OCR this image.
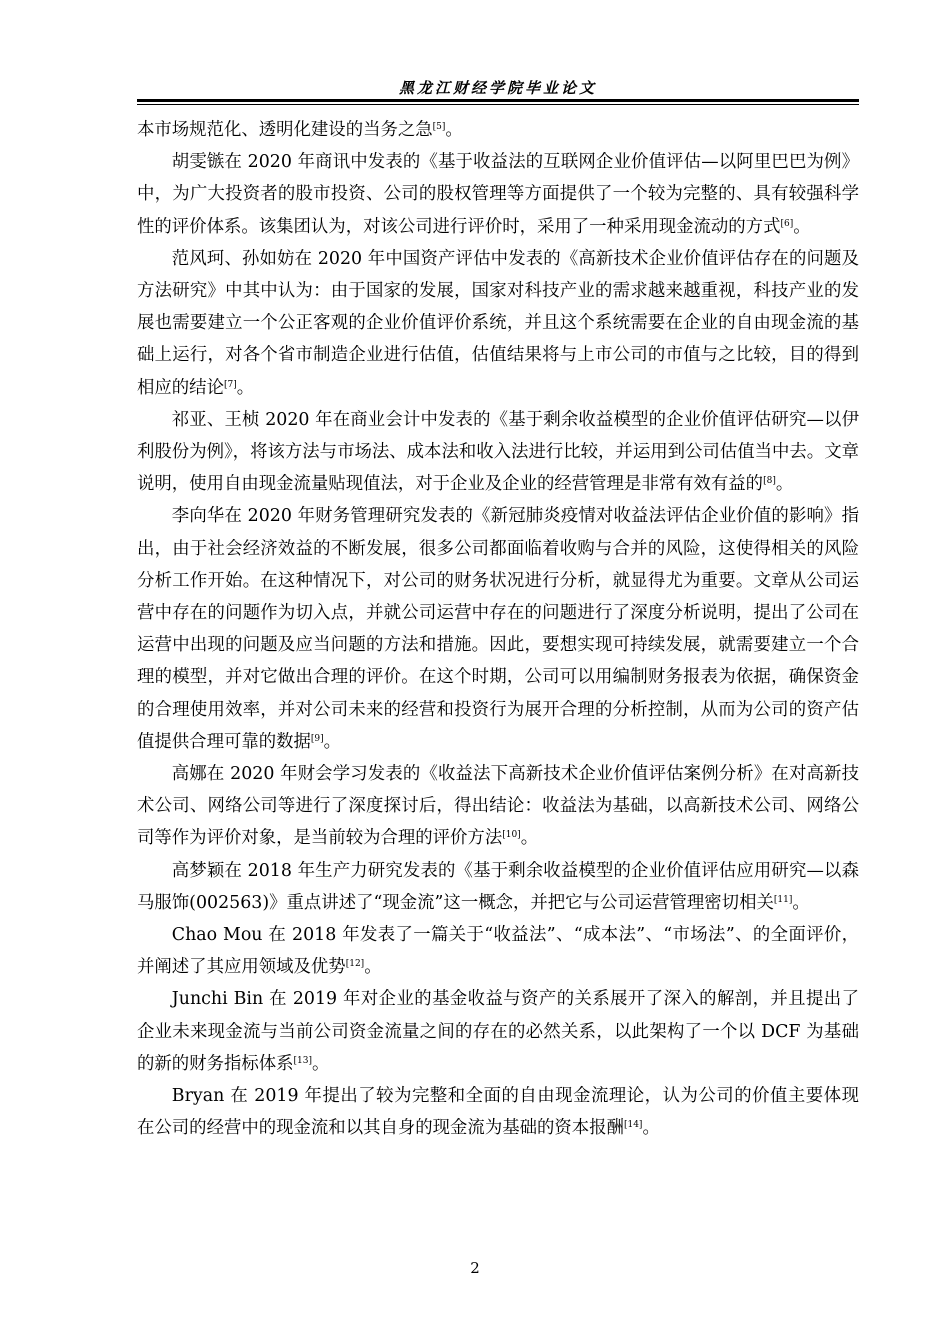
黑龙江财经学院毕业论文

本市场规范化、透明化建设的当务之急[5]。

胡雯镞在 2020 年商讯中发表的《基于收益法的互联网企业价值评估—以阿里巴巴为例》中，为广大投资者的股市投资、公司的股权管理等方面提供了一个较为完整的、具有较强科学性的评价体系。该集团认为，对该公司进行评价时，采用了一种采用现金流动的方式[6]。

范风珂、孙如妨在 2020 年中国资产评估中发表的《高新技术企业价值评估存在的问题及方法研究》中其中认为：由于国家的发展，国家对科技产业的需求越来越重视，科技产业的发展也需要建立一个公正客观的企业价值评价系统，并且这个系统需要在企业的自由现金流的基础上运行，对各个省市制造企业进行估值，估值结果将与上市公司的市值与之比较，目的得到相应的结论[7]。

祁亚、王桢 2020 年在商业会计中发表的《基于剩余收益模型的企业价值评估研究—以伊利股份为例》，将该方法与市场法、成本法和收入法进行比较，并运用到公司估值当中去。文章说明，使用自由现金流量贴现值法，对于企业及企业的经营管理是非常有效有益的[8]。

李向华在 2020 年财务管理研究发表的《新冠肺炎疫情对收益法评估企业价值的影响》指出，由于社会经济效益的不断发展，很多公司都面临着收购与合并的风险，这使得相关的风险分析工作开始。在这种情况下，对公司的财务状况进行分析，就显得尤为重要。文章从公司运营中存在的问题作为切入点，并就公司运营中存在的问题进行了深度分析说明，提出了公司在运营中出现的问题及应当问题的方法和措施。因此，要想实现可持续发展，就需要建立一个合理的模型，并对它做出合理的评价。在这个时期，公司可以用编制财务报表为依据，确保资金的合理使用效率，并对公司未来的经营和投资行为展开合理的分析控制，从而为公司的资产估值提供合理可靠的数据[9]。

高娜在 2020 年财会学习发表的《收益法下高新技术企业价值评估案例分析》在对高新技术公司、网络公司等进行了深度探讨后，得出结论：收益法为基础，以高新技术公司、网络公司等作为评价对象，是当前较为合理的评价方法[10]。

高梦颖在 2018 年生产力研究发表的《基于剩余收益模型的企业价值评估应用研究—以森马服饰(002563)》重点讲述了“现金流”这一概念，并把它与公司运营管理密切相关[11]。

Chao Mou 在 2018 年发表了一篇关于“收益法”、“成本法”、“市场法”、的全面评价，并阐述了其应用领域及优势[12]。

Junchi Bin 在 2019 年对企业的基金收益与资产的关系展开了深入的解剖，并且提出了企业未来现金流与当前公司资金流量之间的存在的必然关系，以此架构了一个以 DCF 为基础的新的财务指标体系[13]。

Bryan 在 2019 年提出了较为完整和全面的自由现金流理论，认为公司的价值主要体现在公司的经营中的现金流和以其自身的现金流为基础的资本报酬[14]。

2
